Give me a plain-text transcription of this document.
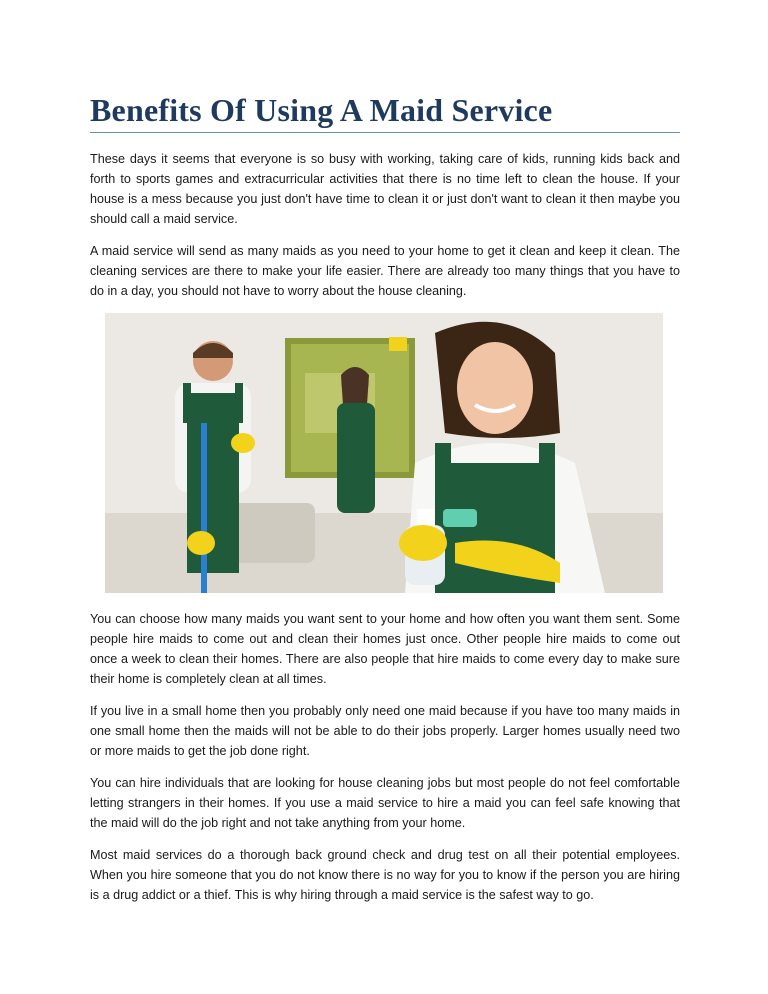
Benefits Of Using A Maid Service

These days it seems that everyone is so busy with working, taking care of kids, running kids back and forth to sports games and extracurricular activities that there is no time left to clean the house. If your house is a mess because you just don't have time to clean it or just don't want to clean it then maybe you should call a maid service.

A maid service will send as many maids as you need to your home to get it clean and keep it clean. The cleaning services are there to make your life easier. There are already too many things that you have to do in a day, you should not have to worry about the house cleaning.

You can choose how many maids you want sent to your home and how often you want them sent. Some people hire maids to come out and clean their homes just once. Other people hire maids to come out once a week to clean their homes. There are also people that hire maids to come every day to make sure their home is completely clean at all times.

If you live in a small home then you probably only need one maid because if you have too many maids in one small home then the maids will not be able to do their jobs properly. Larger homes usually need two or more maids to get the job done right.

You can hire individuals that are looking for house cleaning jobs but most people do not feel comfortable letting strangers in their homes. If you use a maid service to hire a maid you can feel safe knowing that the maid will do the job right and not take anything from your home.

Most maid services do a thorough back ground check and drug test on all their potential employees. When you hire someone that you do not know there is no way for you to know if the person you are hiring is a drug addict or a thief. This is why hiring through a maid service is the safest way to go.
